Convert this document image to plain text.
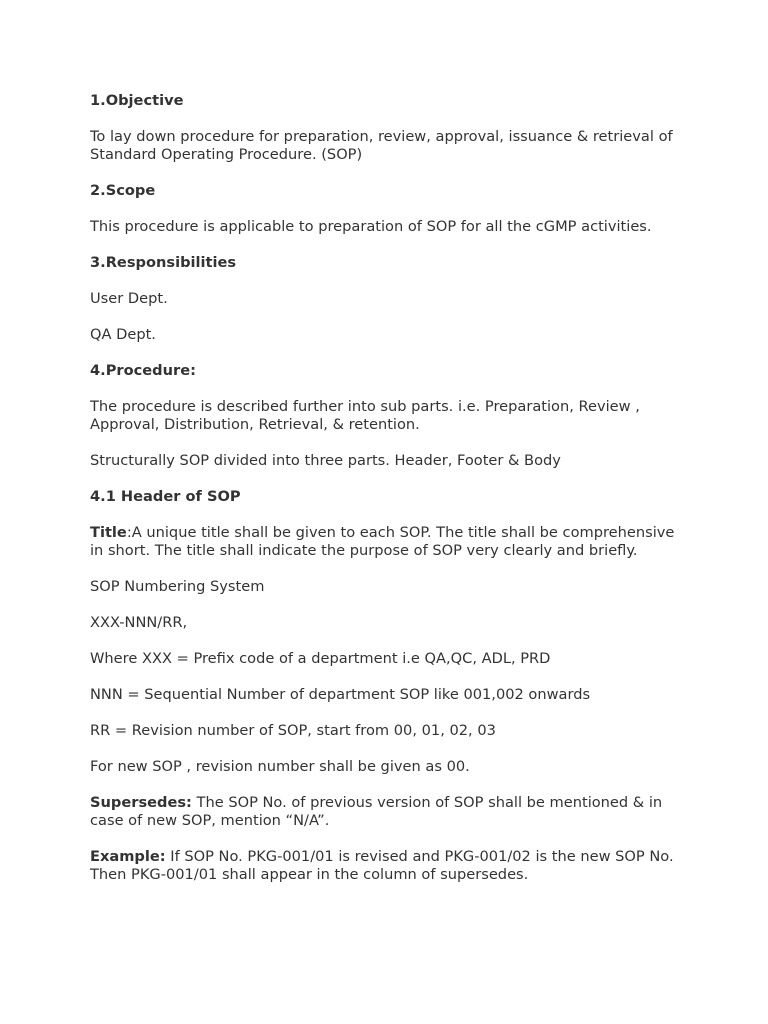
1.Objective

To lay down procedure for preparation, review, approval, issuance & retrieval of Standard Operating Procedure. (SOP)

2.Scope

This procedure is applicable to preparation of SOP for all the cGMP activities.

3.Responsibilities

User Dept.

QA Dept.

4.Procedure:

The procedure is described further into sub parts. i.e. Preparation, Review , Approval, Distribution, Retrieval, & retention.

Structurally SOP divided into three parts. Header, Footer & Body

4.1 Header of SOP

Title:A unique title shall be given to each SOP. The title shall be comprehensive in short. The title shall indicate the purpose of SOP very clearly and briefly.

SOP Numbering System

XXX-NNN/RR,

Where XXX = Prefix code of a department i.e QA,QC, ADL, PRD

NNN = Sequential Number of department SOP like 001,002 onwards

RR = Revision number of SOP, start from 00, 01, 02, 03

For new SOP , revision number shall be given as 00.

Supersedes: The SOP No. of previous version of SOP shall be mentioned & in case of new SOP, mention “N/A”.

Example: If SOP No. PKG-001/01 is revised and PKG-001/02 is the new SOP No. Then PKG-001/01 shall appear in the column of supersedes.
